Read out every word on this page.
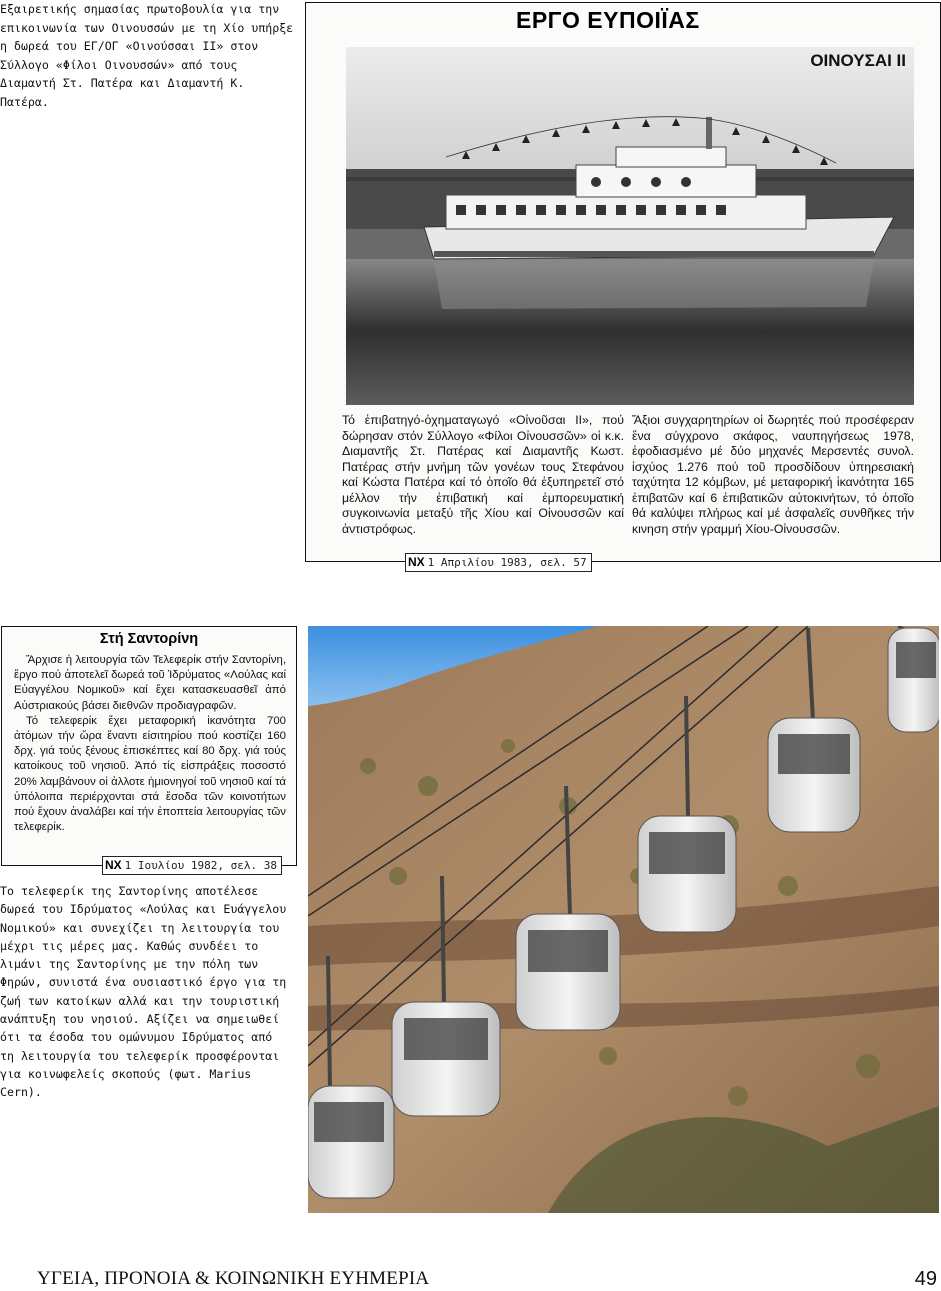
Εξαιρετικής σημασίας πρωτοβουλία για την επικοινωνία των Οινουσσών με τη Χίο υπήρξε η δωρεά του ΕΓ/ΟΓ «Οινούσσαι ΙΙ» στον Σύλλογο «Φίλοι Οινουσσών» από τους Διαμαντή Στ. Πατέρα και Διαμαντή Κ. Πατέρα.

ΕΡΓΟ ΕΥΠΟΙΪΑΣ
ΟΙΝΟΥΣΑΙ ΙΙ

Τό ἐπιβατηγό-ὀχηματαγωγό «Οἰνοῦσαι ΙΙ», πού δώρησαν στόν Σύλλογο «Φίλοι Οἰνουσσῶν» οἱ κ.κ. Διαμαντῆς Στ. Πατέρας καί Διαμαντῆς Κωστ. Πατέρας στήν μνήμη τῶν γονέων τους Στεφάνου καί Κώστα Πατέρα καί τό ὁποῖο θά ἐξυπηρετεῖ στό μέλλον τήν ἐπιβατική καί ἐμπορευματική συγκοινωνία μεταξύ τῆς Χίου καί Οἰνουσσῶν καί ἀντιστρόφως.

Ἄξιοι συγχαρητηρίων οἱ δωρητές πού προσέφεραν ἕνα σύγχρονο σκάφος, ναυπηγήσεως 1978, ἐφοδιασμένο μέ δύο μηχανές Μερσεντές συνολ. ἰσχύος 1.276 πού τοῦ προσδίδουν ὑπηρεσιακή ταχύτητα 12 κόμβων, μέ μεταφορική ἱκανότητα 165 ἐπιβατῶν καί 6 ἐπιβατικῶν αὐτοκινήτων, τό ὁποῖο θά καλύψει πλήρως καί μέ ἀσφαλεῖς συνθῆκες τήν κινηση στήν γραμμή Χίου-Οἰνουσσῶν.

ΝΧ 1 Απριλίου 1983, σελ. 57
Στή Σαντορίνη

Ἄρχισε ἡ λειτουργία τῶν Τελεφερίκ στήν Σαντορίνη, ἔργο πού ἀποτελεῖ δωρεά τοῦ Ἱδρύματος «Λούλας καί Εὐαγγέλου Νομικοῦ» καί ἔχει κατασκευασθεῖ ἀπό Αὐστριακούς βάσει διεθνῶν προδιαγραφῶν.

Τό τελεφερίκ ἔχει μεταφορική ἱκανότητα 700 ἀτόμων τήν ὥρα ἔναντι εἰσιτηρίου πού κοστίζει 160 δρχ. γιά τούς ξένους ἐπισκέπτες καί 80 δρχ. γιά τούς κατοίκους τοῦ νησιοῦ. Ἀπό τίς εἰσπράξεις ποσοστό 20% λαμβάνουν οἱ ἀλλοτε ἡμιονηγοί τοῦ νησιοῦ καί τά ὑπόλοιπα περιέρχονται στά ἔσοδα τῶν κοινοτήτων πού ἔχουν ἀναλάβει καί τήν ἐποπτεία λειτουργίας τῶν τελεφερίκ.

ΝΧ 1 Ιουλίου 1982, σελ. 38

Το τελεφερίκ της Σαντορίνης αποτέλεσε δωρεά του Ιδρύματος «Λούλας και Ευάγγελου Νομικού» και συνεχίζει τη λειτουργία του μέχρι τις μέρες μας. Καθώς συνδέει το λιμάνι της Σαντορίνης με την πόλη των Φηρών, συνιστά ένα ουσιαστικό έργο για τη ζωή των κατοίκων αλλά και την τουριστική ανάπτυξη του νησιού. Αξίζει να σημειωθεί ότι τα έσοδα του ομώνυμου Ιδρύματος από τη λειτουργία του τελεφερίκ προσφέρονται για κοινωφελείς σκοπούς (φωτ. Marius Cern).

ΥΓΕΙΑ, ΠΡΟΝΟΙΑ & ΚΟΙΝΩΝΙΚΗ ΕΥΗΜΕΡΙΑ	49
